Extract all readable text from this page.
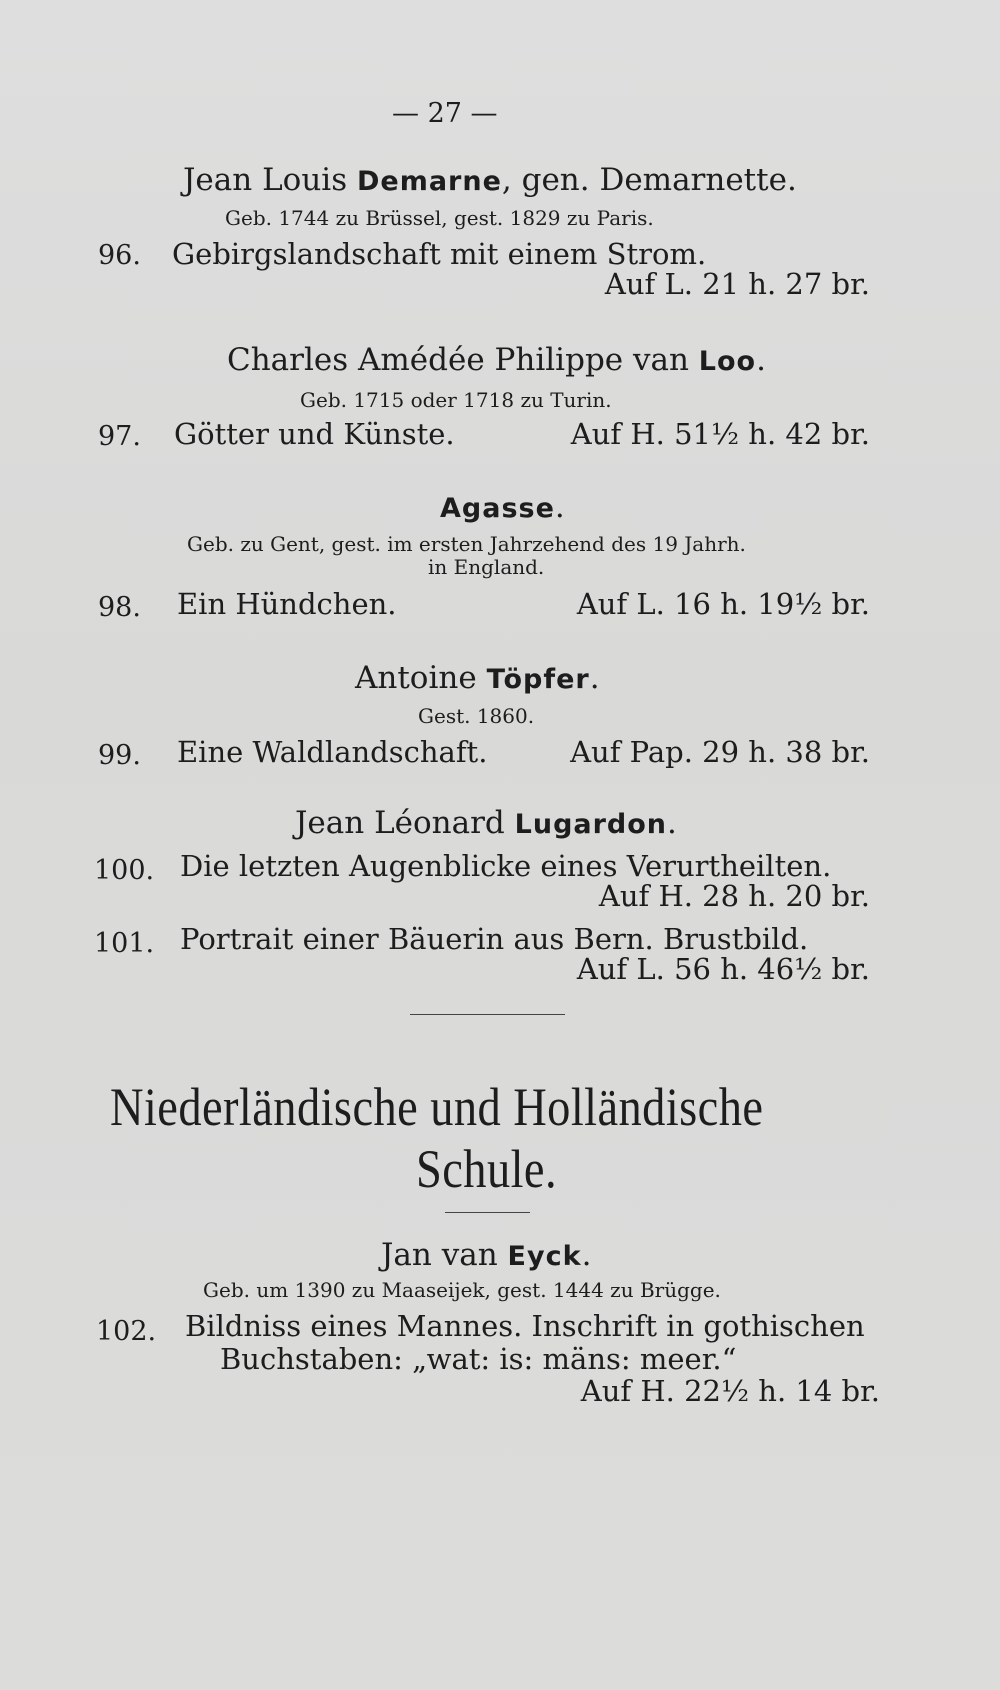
— 27 —
Jean Louis Demarne, gen. Demarnette.
Geb. 1744 zu Brüssel, gest. 1829 zu Paris.
96. Gebirgslandschaft mit einem Strom.
Auf L. 21 h. 27 br.
Charles Amédée Philippe van Loo.
Geb. 1715 oder 1718 zu Turin.
97. Götter und Künste.	Auf H. 51½ h. 42 br.
Agasse.
Geb. zu Gent, gest. im ersten Jahrzehend des 19 Jahrh.
in England.
98. Ein Hündchen.	Auf L. 16 h. 19½ br.
Antoine Töpfer.
Gest. 1860.
99. Eine Waldlandschaft.	Auf Pap. 29 h. 38 br.
Jean Léonard Lugardon.
100. Die letzten Augenblicke eines Verurtheilten.
Auf H. 28 h. 20 br.
101. Portrait einer Bäuerin aus Bern. Brustbild.
Auf L. 56 h. 46½ br.
Niederländische und Holländische
Schule.
Jan van Eyck.
Geb. um 1390 zu Maaseijek, gest. 1444 zu Brügge.
102. Bildniss eines Mannes. Inschrift in gothischen
Buchstaben: „wat: is: mäns: meer.“
Auf H. 22½ h. 14 br.
